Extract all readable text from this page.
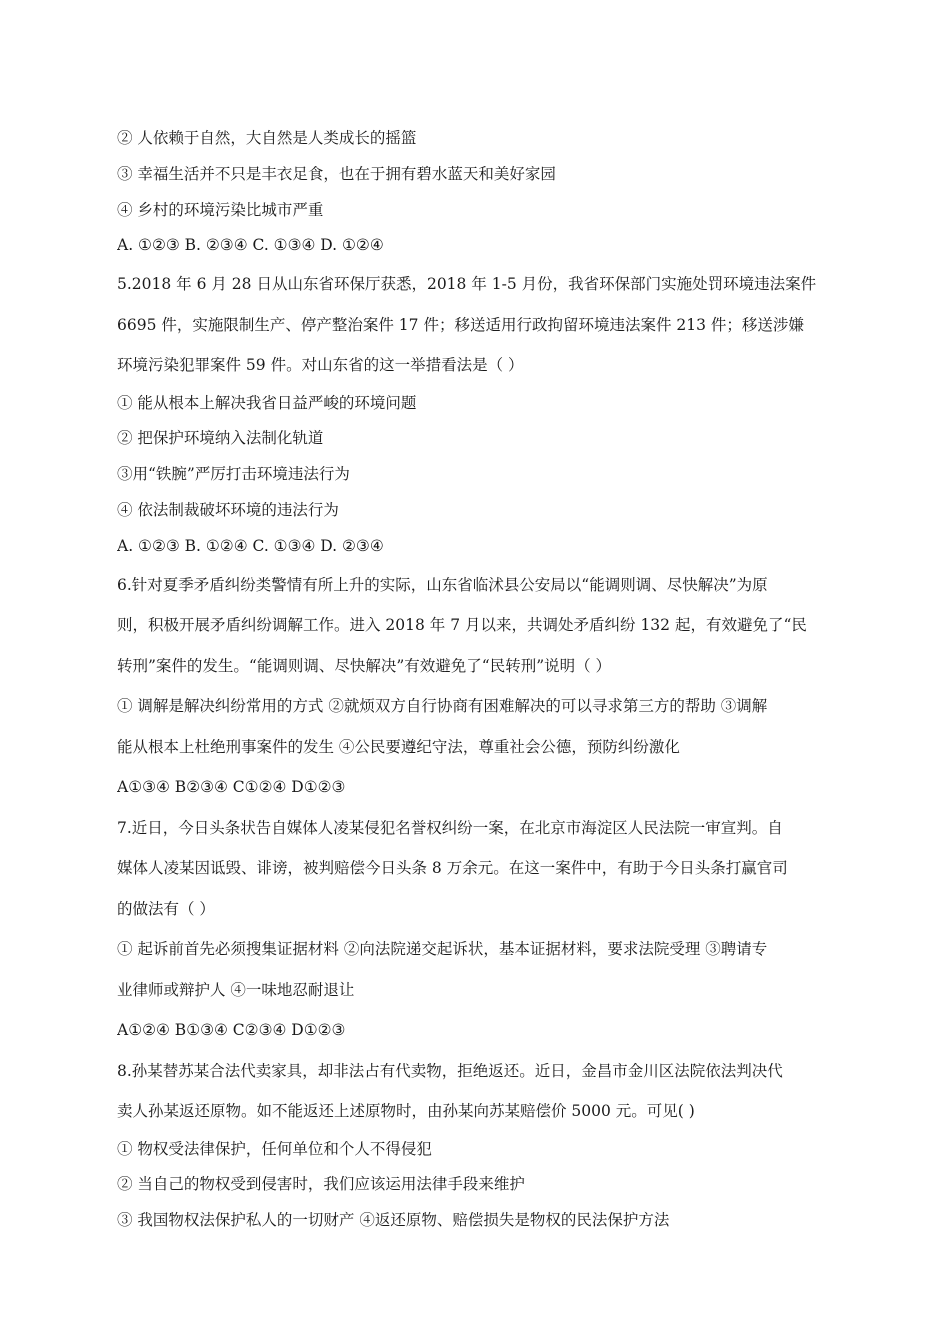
② 人依赖于自然，大自然是人类成长的摇篮
③ 幸福生活并不只是丰衣足食，也在于拥有碧水蓝天和美好家园
④ 乡村的环境污染比城市严重
A. ①②③ B. ②③④ C. ①③④ D. ①②④
5.2018 年 6 月 28 日从山东省环保厅获悉，2018 年 1-5 月份，我省环保部门实施处罚环境违法案件
6695 件，实施限制生产、停产整治案件 17 件；移送适用行政拘留环境违法案件 213 件；移送涉嫌
环境污染犯罪案件 59 件。对山东省的这一举措看法是（ ）
① 能从根本上解决我省日益严峻的环境问题
② 把保护环境纳入法制化轨道
③用“铁腕”严厉打击环境违法行为
④ 依法制裁破坏环境的违法行为
A. ①②③ B. ①②④ C. ①③④ D. ②③④
6.针对夏季矛盾纠纷类警情有所上升的实际，山东省临沭县公安局以“能调则调、尽快解决”为原
则，积极开展矛盾纠纷调解工作。进入 2018 年 7 月以来，共调处矛盾纠纷 132 起，有效避免了“民
转刑”案件的发生。“能调则调、尽快解决”有效避免了“民转刑”说明（ ）
① 调解是解决纠纷常用的方式 ②就烦双方自行协商有困难解决的可以寻求第三方的帮助 ③调解
能从根本上杜绝刑事案件的发生 ④公民要遵纪守法，尊重社会公德，预防纠纷激化
A①③④ B②③④ C①②④ D①②③
7.近日，今日头条状告自媒体人凌某侵犯名誉权纠纷一案，在北京市海淀区人民法院一审宣判。自
媒体人凌某因诋毁、诽谤，被判赔偿今日头条 8 万余元。在这一案件中，有助于今日头条打赢官司
的做法有（ ）
① 起诉前首先必须搜集证据材料 ②向法院递交起诉状，基本证据材料，要求法院受理 ③聘请专
业律师或辩护人 ④一味地忍耐退让
A①②④ B①③④ C②③④ D①②③
8.孙某替苏某合法代卖家具，却非法占有代卖物，拒绝返还。近日，金昌市金川区法院依法判决代
卖人孙某返还原物。如不能返还上述原物时，由孙某向苏某赔偿价 5000 元。可见( )
① 物权受法律保护，任何单位和个人不得侵犯
② 当自己的物权受到侵害时，我们应该运用法律手段来维护
③ 我国物权法保护私人的一切财产 ④返还原物、赔偿损失是物权的民法保护方法
